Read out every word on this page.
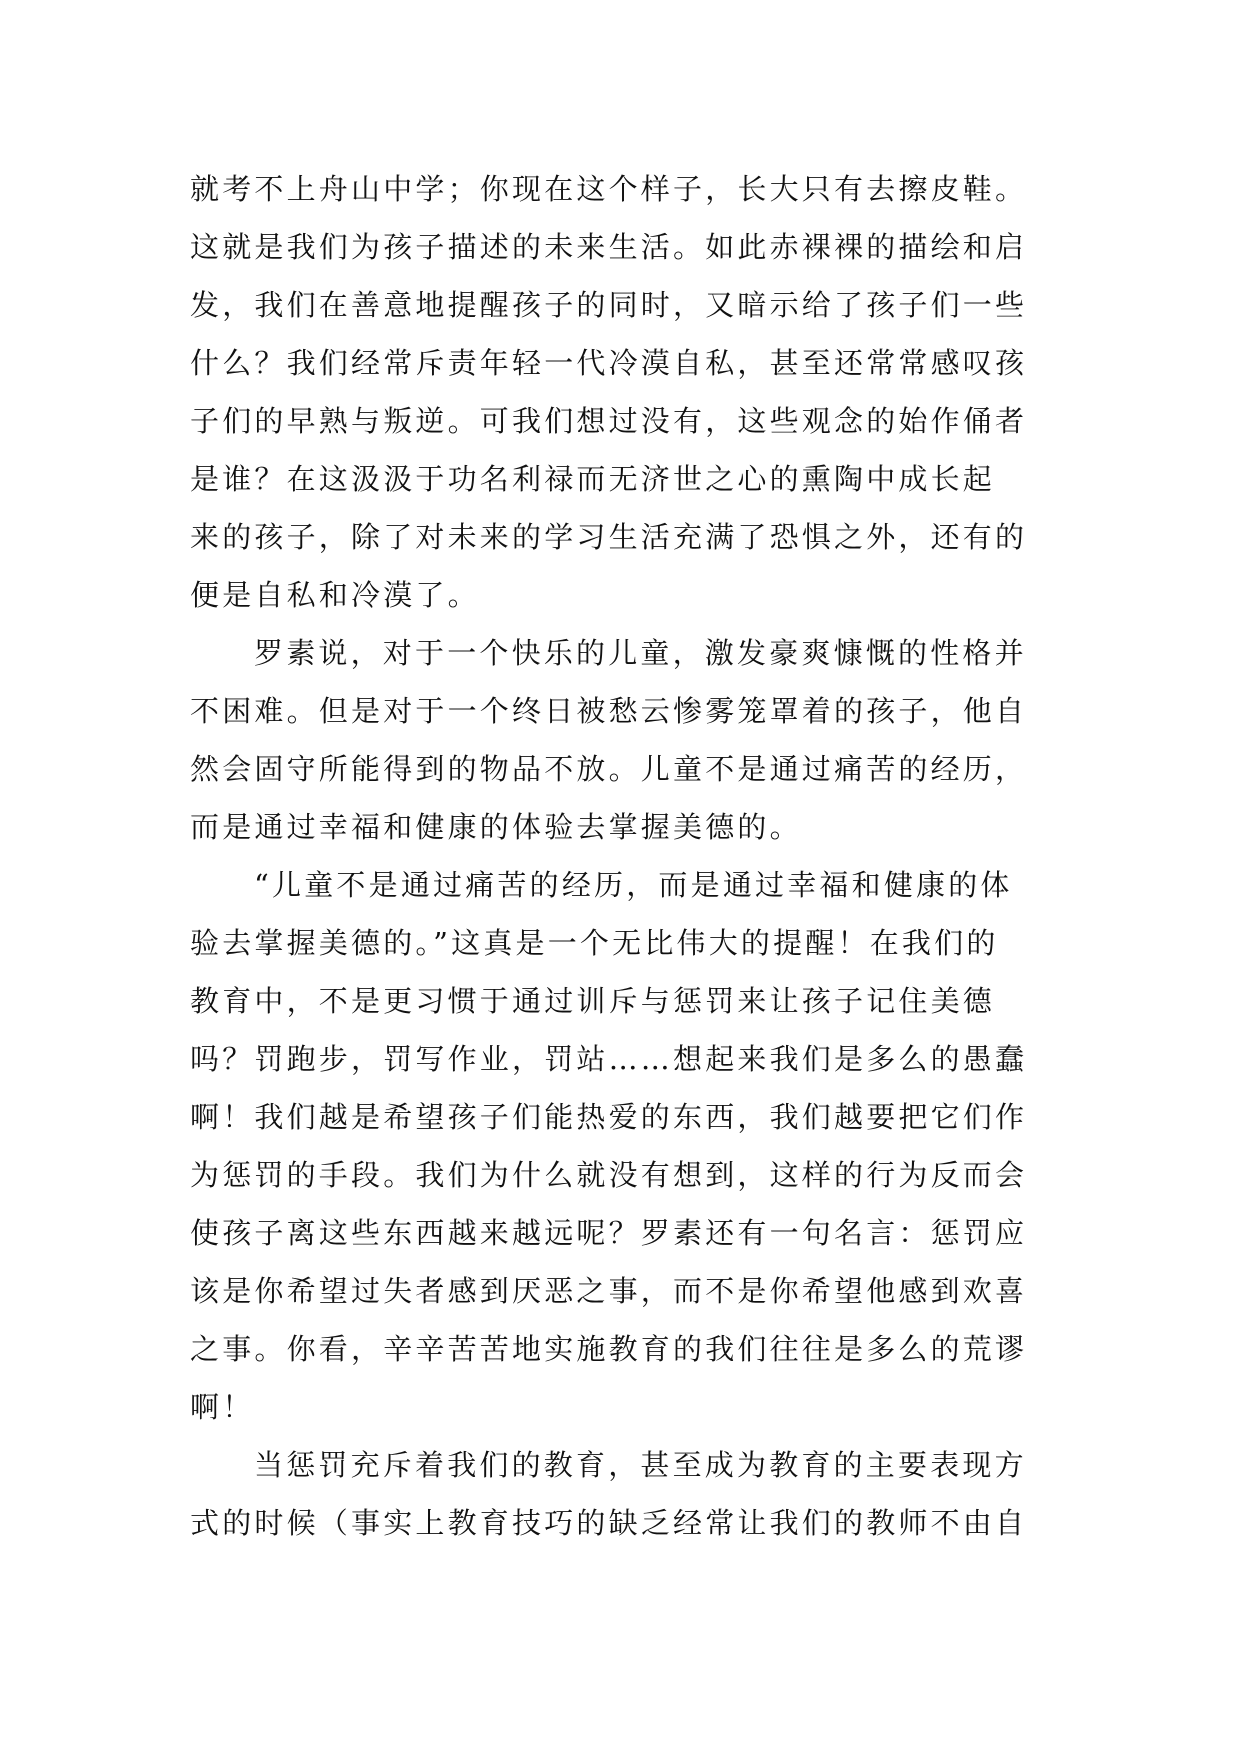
就考不上舟山中学；你现在这个样子，长大只有去擦皮鞋。
这就是我们为孩子描述的未来生活。如此赤裸裸的描绘和启
发，我们在善意地提醒孩子的同时，又暗示给了孩子们一些
什么？我们经常斥责年轻一代冷漠自私，甚至还常常感叹孩
子们的早熟与叛逆。可我们想过没有，这些观念的始作俑者
是谁？在这汲汲于功名利禄而无济世之心的熏陶中成长起
来的孩子，除了对未来的学习生活充满了恐惧之外，还有的
便是自私和冷漠了。
罗素说，对于一个快乐的儿童，激发豪爽慷慨的性格并
不困难。但是对于一个终日被愁云惨雾笼罩着的孩子，他自
然会固守所能得到的物品不放。儿童不是通过痛苦的经历，
而是通过幸福和健康的体验去掌握美德的。
“儿童不是通过痛苦的经历，而是通过幸福和健康的体
验去掌握美德的。”这真是一个无比伟大的提醒！在我们的
教育中，不是更习惯于通过训斥与惩罚来让孩子记住美德
吗？罚跑步，罚写作业，罚站……想起来我们是多么的愚蠢
啊！我们越是希望孩子们能热爱的东西，我们越要把它们作
为惩罚的手段。我们为什么就没有想到，这样的行为反而会
使孩子离这些东西越来越远呢？罗素还有一句名言：惩罚应
该是你希望过失者感到厌恶之事，而不是你希望他感到欢喜
之事。你看，辛辛苦苦地实施教育的我们往往是多么的荒谬
啊！
当惩罚充斥着我们的教育，甚至成为教育的主要表现方
式的时候（事实上教育技巧的缺乏经常让我们的教师不由自
